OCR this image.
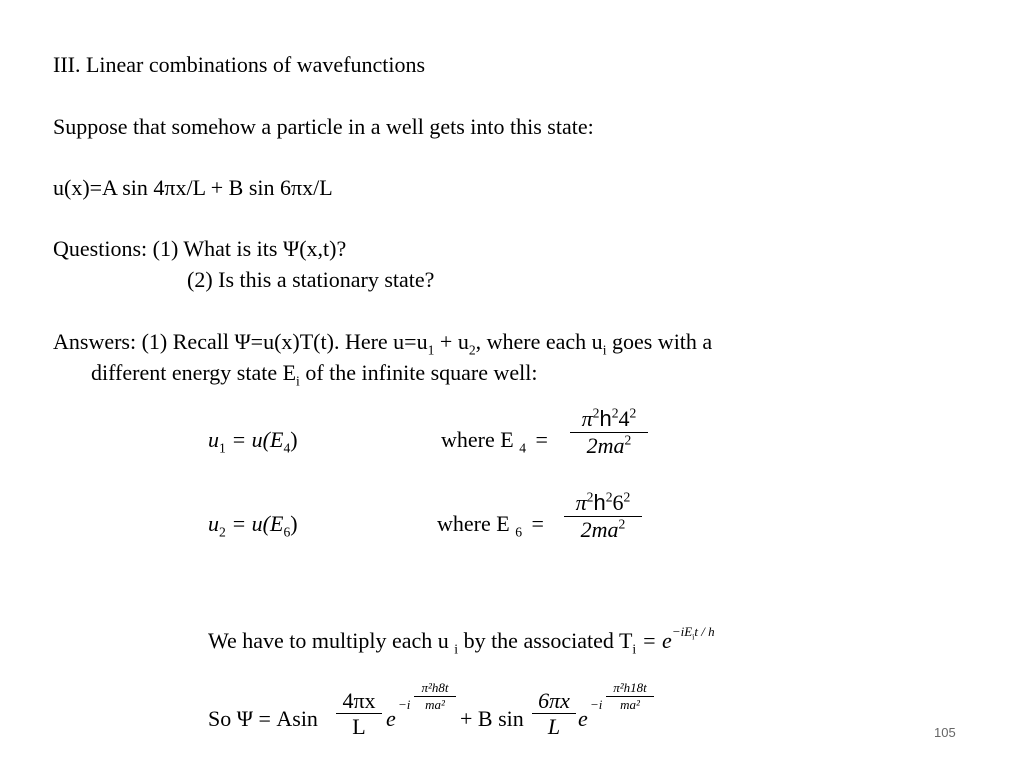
III. Linear combinations of wavefunctions
Suppose that somehow a particle in a well gets into this state:
u(x)=A sin 4πx/L + B sin 6πx/L
Questions: (1) What is its Ψ(x,t)?
(2) Is this a stationary state?
Answers: (1) Recall Ψ=u(x)T(t). Here $u=u_1 + u_2$, where each $u_i$ goes with a
different energy state $E_i$ of the infinite square well:
$u_1 = u(E_4)$	where E $_4$ =
$\pi^2h^24^2$
$2ma^2$
$u_2 = u(E_6)$	where E $_6$ =
$\pi^2h^26^2$
$2ma^2$
We have to multiply each u $_i$ by the associated $T_i = e^{-iE_it / h}$
So Ψ = Asin
4πx
L e
−i
π²h8t
ma²
+ B sin
6πx
L e
−i
π²h18t
ma²
105
